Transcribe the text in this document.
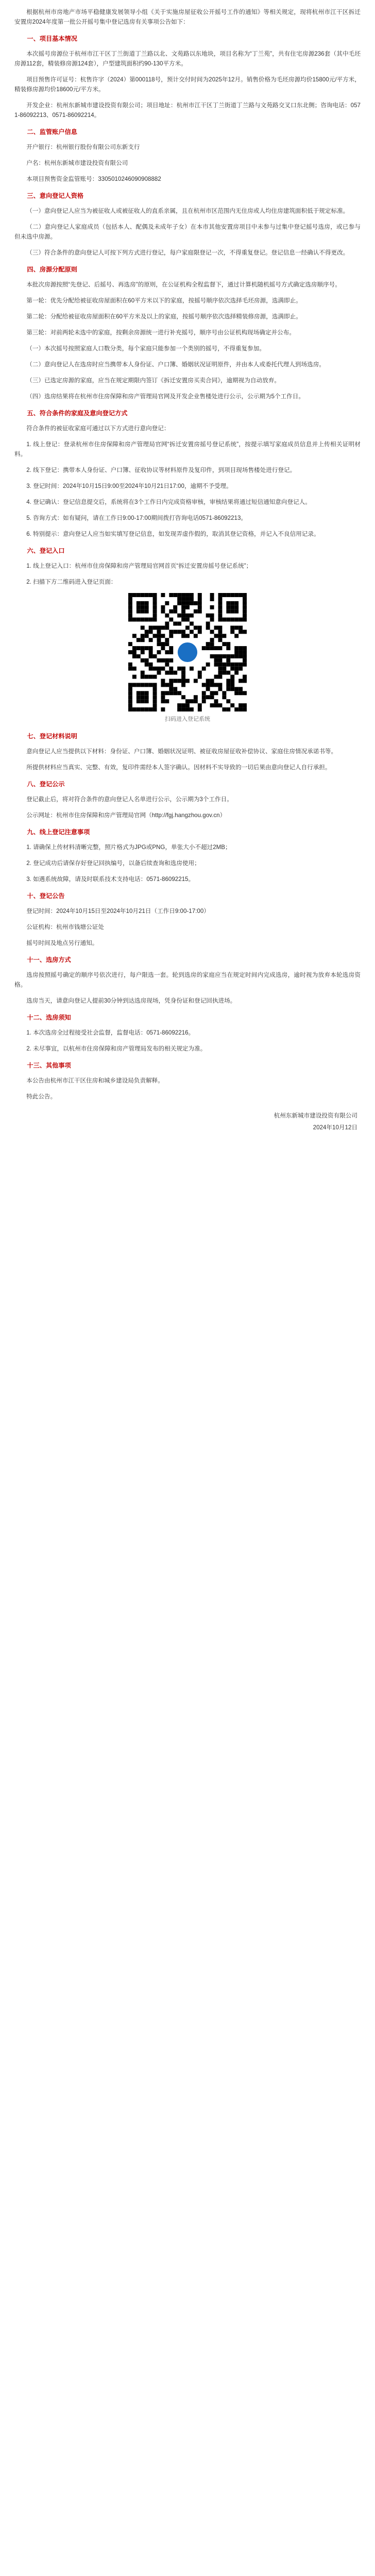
根据杭州市房地产市场平稳健康发展领导小组《关于实施房屋征收公开摇号工作的通知》等相关规定，现将杭州市江干区拆迁安置房2024年度第一批公开摇号集中登记选房有关事项公告如下：

一、项目基本情况

本次摇号房源位于杭州市江干区丁兰街道丁兰路以北、文苑路以东地块，项目名称为“丁兰苑”，共有住宅房源236套（其中毛坯房源112套，精装修房源124套），户型建筑面积约90-130平方米。

项目预售许可证号：杭售许字（2024）第000118号，预计交付时间为2025年12月。销售价格为毛坯房源均价15800元/平方米，精装修房源均价18600元/平方米。

开发企业：杭州东新城市建设投资有限公司；项目地址：杭州市江干区丁兰街道丁兰路与文苑路交叉口东北侧；咨询电话：0571-86092213、0571-86092214。

二、监管账户信息

开户银行：杭州银行股份有限公司东新支行

户名：杭州东新城市建设投资有限公司

本项目预售资金监管账号：3305010246090908882

三、意向登记人资格

（一）意向登记人应当为被征收人或被征收人的直系亲属，且在杭州市区范围内无住房或人均住房建筑面积低于规定标准。

（二）意向登记人家庭成员（包括本人、配偶及未成年子女）在本市其他安置房项目中未参与过集中登记摇号选房，或已参与但未选中房源。

（三）符合条件的意向登记人可按下列方式进行登记，每户家庭限登记一次，不得重复登记。登记信息一经确认不得更改。

四、房源分配原则

本批次房源按照“先登记、后摇号、再选房”的原则，在公证机构全程监督下，通过计算机随机摇号方式确定选房顺序号。

第一轮：优先分配给被征收房屋面积在60平方米以下的家庭，按摇号顺序依次选择毛坯房源，选满即止。

第二轮：分配给被征收房屋面积在60平方米及以上的家庭，按摇号顺序依次选择精装修房源，选满即止。

第三轮：对前两轮未选中的家庭，按剩余房源统一进行补充摇号，顺序号由公证机构现场确定并公布。

（一）本次摇号按照家庭人口数分类，每个家庭只能参加一个类别的摇号，不得重复参加。

（二）意向登记人在选房时应当携带本人身份证、户口簿、婚姻状况证明原件，并由本人或委托代理人到场选房。

（三）已选定房源的家庭，应当在规定期限内签订《拆迁安置房买卖合同》，逾期视为自动放弃。

（四）选房结果将在杭州市住房保障和房产管理局官网及开发企业售楼处进行公示，公示期为5个工作日。

五、符合条件的家庭及意向登记方式

符合条件的被征收家庭可通过以下方式进行意向登记：

1. 线上登记：登录杭州市住房保障和房产管理局官网“拆迁安置房摇号登记系统”，按提示填写家庭成员信息并上传相关证明材料。

2. 线下登记：携带本人身份证、户口簿、征收协议等材料原件及复印件，到项目现场售楼处进行登记。

3. 登记时间：2024年10月15日9:00至2024年10月21日17:00，逾期不予受理。

4. 登记确认：登记信息提交后，系统将在3个工作日内完成资格审核，审核结果将通过短信通知意向登记人。

5. 咨询方式：如有疑问，请在工作日9:00-17:00期间拨打咨询电话0571-86092213。

6. 特别提示：意向登记人应当如实填写登记信息，如发现弄虚作假的，取消其登记资格，并记入不良信用记录。

六、登记入口

1. 线上登记入口：杭州市住房保障和房产管理局官网首页“拆迁安置房摇号登记系统”；

2. 扫描下方二维码进入登记页面：

扫码进入登记系统
七、登记材料说明

意向登记人应当提供以下材料：身份证、户口簿、婚姻状况证明、被征收房屋征收补偿协议、家庭住房情况承诺书等。

所提供材料应当真实、完整、有效，复印件需经本人签字确认。因材料不实导致的一切后果由意向登记人自行承担。

八、登记公示

登记截止后，将对符合条件的意向登记人名单进行公示，公示期为3个工作日。

公示网址：杭州市住房保障和房产管理局官网（http://fgj.hangzhou.gov.cn）

九、线上登记注意事项

1. 请确保上传材料清晰完整，照片格式为JPG或PNG，单张大小不超过2MB；

2. 登记成功后请保存好登记回执编号，以备后续查询和选房使用；

3. 如遇系统故障，请及时联系技术支持电话：0571-86092215。

十、登记公告

登记时间：2024年10月15日至2024年10月21日（工作日9:00-17:00）

公证机构：杭州市钱塘公证处

摇号时间及地点另行通知。

十一、选房方式

选房按照摇号确定的顺序号依次进行，每户限选一套。轮到选房的家庭应当在规定时间内完成选房，逾时视为放弃本轮选房资格。

选房当天，请意向登记人提前30分钟到达选房现场，凭身份证和登记回执进场。

十二、选房须知

1. 本次选房全过程接受社会监督，监督电话：0571-86092216。

2. 未尽事宜，以杭州市住房保障和房产管理局发布的相关规定为准。

十三、其他事项

本公告由杭州市江干区住房和城乡建设局负责解释。

特此公告。

杭州东新城市建设投资有限公司
2024年10月12日
